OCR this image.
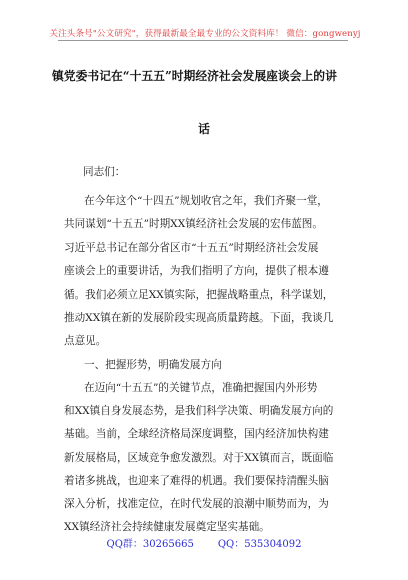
关注头条号"公文研究"，获得最新最全最专业的公文资料库！ 微信：gongwenyj
镇党委书记在“十五五”时期经济社会发展座谈会上的讲
话
同志们：
在今年这个“十四五”规划收官之年，我们齐聚一堂，
共同谋划“十五五”时期XX镇经济社会发展的宏伟蓝图。
习近平总书记在部分省区市“十五五”时期经济社会发展
座谈会上的重要讲话，为我们指明了方向，提供了根本遵
循。我们必须立足XX镇实际，把握战略重点，科学谋划，
推动XX镇在新的发展阶段实现高质量跨越。下面，我谈几
点意见。
一、把握形势，明确发展方向
在迈向“十五五”的关键节点，准确把握国内外形势
和XX镇自身发展态势，是我们科学决策、明确发展方向的
基础。当前，全球经济格局深度调整，国内经济加快构建
新发展格局，区域竞争愈发激烈。对于XX镇而言，既面临
着诸多挑战，也迎来了难得的机遇。我们要保持清醒头脑
深入分析，找准定位，在时代发展的浪潮中顺势而为，为
XX镇经济社会持续健康发展奠定坚实基础。
QQ群：30265665 QQ：535304092
